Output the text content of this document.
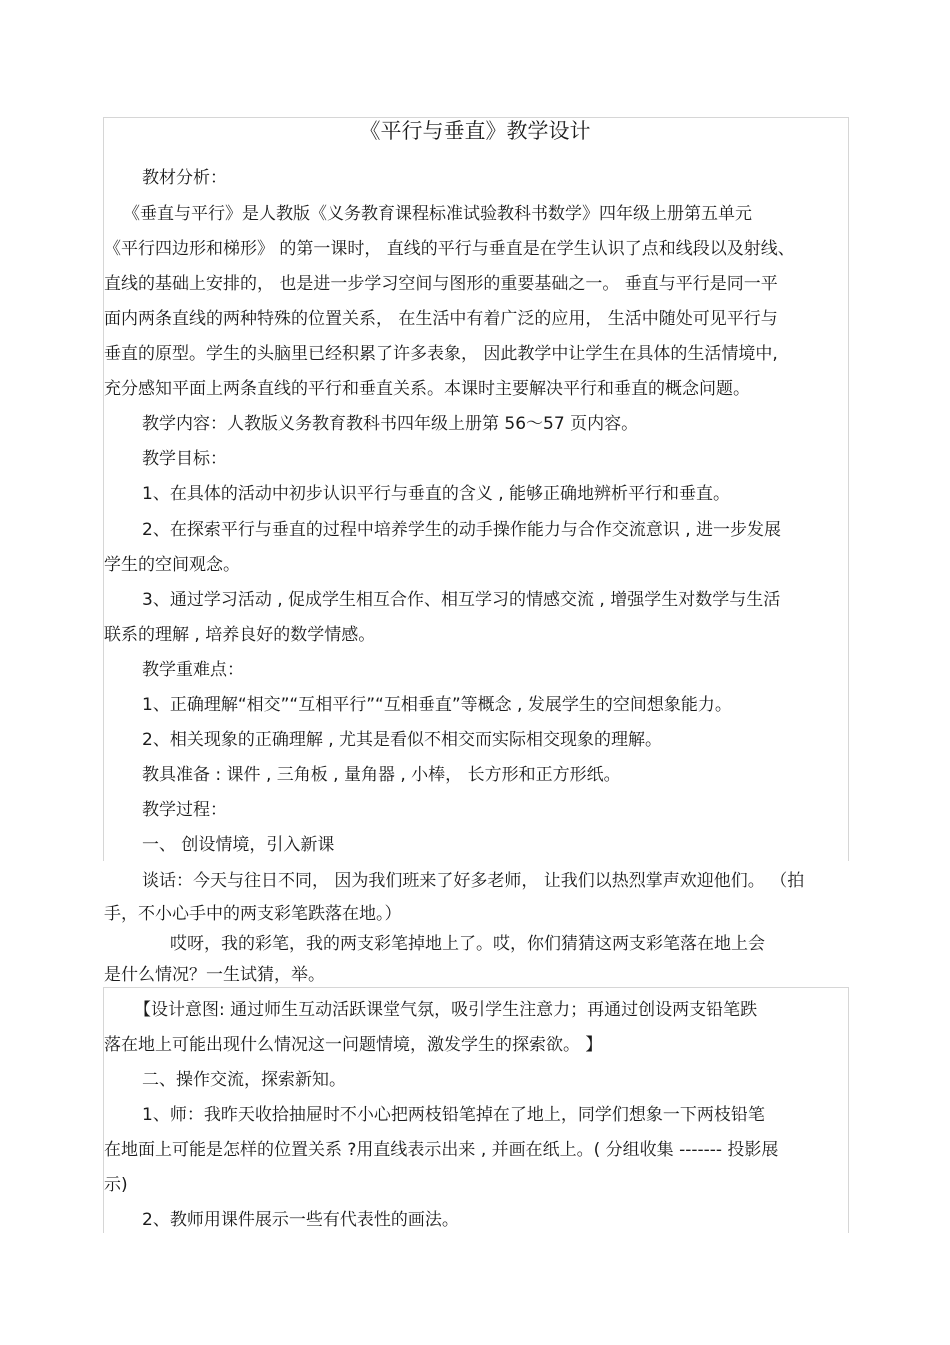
《平行与垂直》教学设计
教材分析：
《垂直与平行》是人教版《义务教育课程标准试验教科书数学》四年级上册第五单元
《平行四边形和梯形》 的第一课时， 直线的平行与垂直是在学生认识了点和线段以及射线、
直线的基础上安排的， 也是进一步学习空间与图形的重要基础之一。 垂直与平行是同一平
面内两条直线的两种特殊的位置关系， 在生活中有着广泛的应用， 生活中随处可见平行与
垂直的原型。学生的头脑里已经积累了许多表象， 因此教学中让学生在具体的生活情境中,
充分感知平面上两条直线的平行和垂直关系。本课时主要解决平行和垂直的概念问题。
教学内容：人教版义务教育教科书四年级上册第 56～57 页内容。
教学目标：
1、在具体的活动中初步认识平行与垂直的含义 , 能够正确地辨析平行和垂直。
2、在探索平行与垂直的过程中培养学生的动手操作能力与合作交流意识 , 进一步发展
学生的空间观念。
3、通过学习活动 , 促成学生相互合作、相互学习的情感交流 , 增强学生对数学与生活
联系的理解 , 培养良好的数学情感。
教学重难点：
1、正确理解“相交”“互相平行”“互相垂直”等概念 , 发展学生的空间想象能力。
2、相关现象的正确理解 , 尤其是看似不相交而实际相交现象的理解。
教具准备 : 课件 , 三角板 , 量角器 , 小棒， 长方形和正方形纸。
教学过程：
一、 创设情境，引入新课
谈话：今天与往日不同， 因为我们班来了好多老师， 让我们以热烈掌声欢迎他们。 （拍
手，不小心手中的两支彩笔跌落在地。）
哎呀，我的彩笔，我的两支彩笔掉地上了。哎，你们猜猜这两支彩笔落在地上会
是什么情况？一生试猜，举。
【设计意图: 通过师生互动活跃课堂气氛，吸引学生注意力；再通过创设两支铅笔跌
落在地上可能出现什么情况这一问题情境，激发学生的探索欲。 】
二、操作交流，探索新知。
1、师：我昨天收拾抽屉时不小心把两枝铅笔掉在了地上，同学们想象一下两枝铅笔
在地面上可能是怎样的位置关系 ?用直线表示出来 , 并画在纸上。( 分组收集 ------- 投影展
示)
2、教师用课件展示一些有代表性的画法。
